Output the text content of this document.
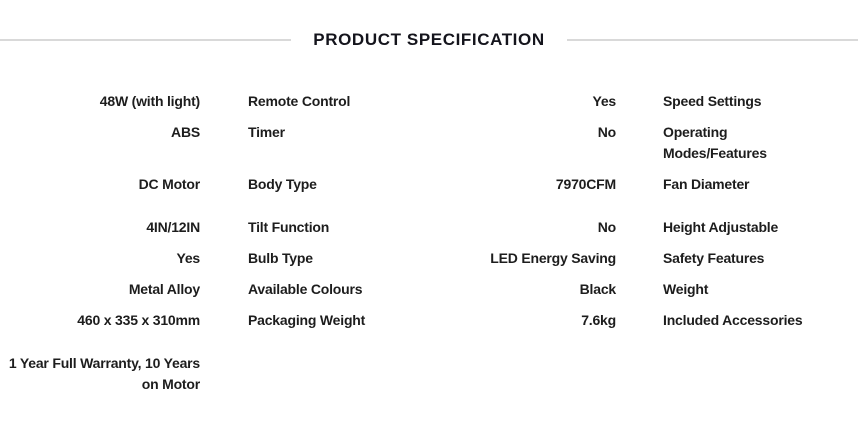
PRODUCT SPECIFICATION
48W (with light)	Remote Control	Yes	Speed Settings
ABS	Timer	No	Operating Modes/Features
DC Motor	Body Type	7970CFM	Fan Diameter
4IN/12IN	Tilt Function	No	Height Adjustable
Yes	Bulb Type	LED Energy Saving	Safety Features
Metal Alloy	Available Colours	Black	Weight
460 x 335 x 310mm	Packaging Weight	7.6kg	Included Accessories
1 Year Full Warranty, 10 Years on Motor
